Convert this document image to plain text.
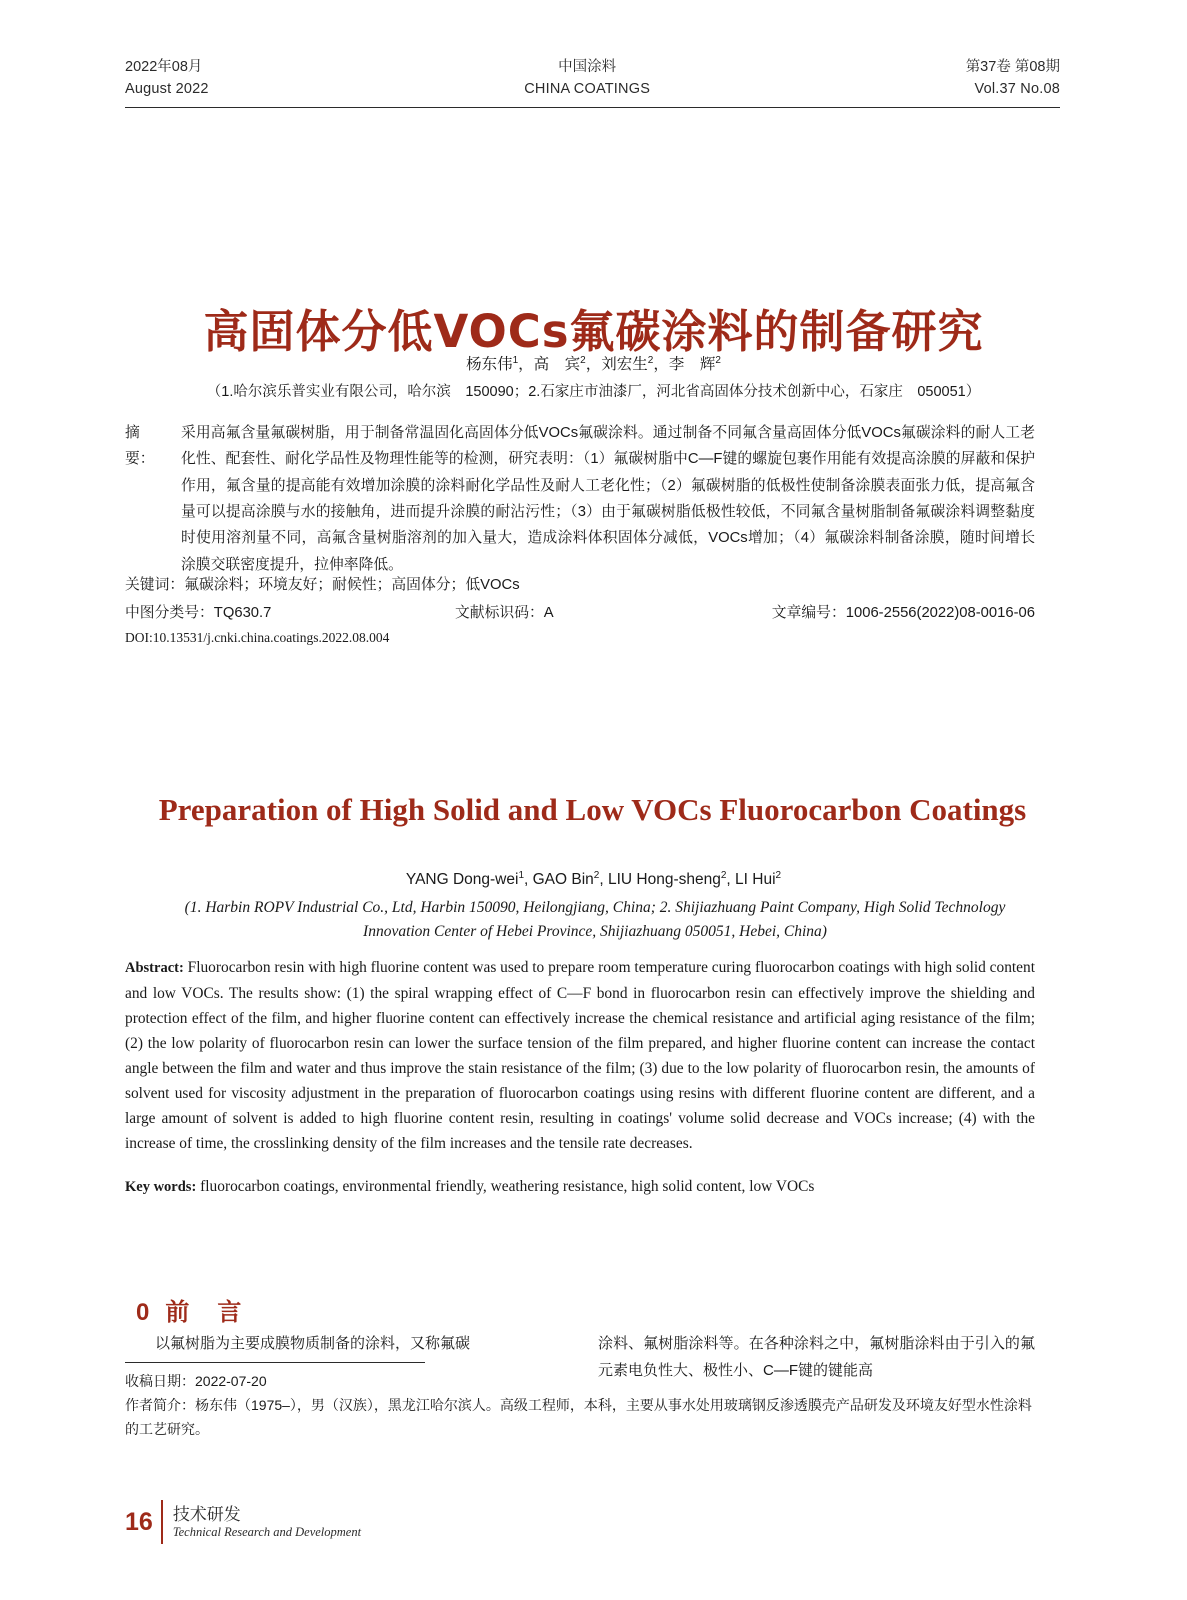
2022年08月
August 2022
中国涂料
CHINA COATINGS
第37卷 第08期
Vol.37 No.08
高固体分低VOCs氟碳涂料的制备研究
杨东伟$^1$，高　宾$^2$，刘宏生$^2$，李　辉$^2$
（1.哈尔滨乐普实业有限公司，哈尔滨　150090；2.石家庄市油漆厂，河北省高固体分技术创新中心，石家庄　050051）
摘　要：
采用高氟含量氟碳树脂，用于制备常温固化高固体分低VOCs氟碳涂料。通过制备不同氟含量高固体分低VOCs氟碳涂料的耐人工老化性、配套性、耐化学品性及物理性能等的检测，研究表明：（1）氟碳树脂中C—F键的螺旋包裹作用能有效提高涂膜的屏蔽和保护作用，氟含量的提高能有效增加涂膜的涂料耐化学品性及耐人工老化性；（2）氟碳树脂的低极性使制备涂膜表面张力低，提高氟含量可以提高涂膜与水的接触角，进而提升涂膜的耐沾污性；（3）由于氟碳树脂低极性较低，不同氟含量树脂制备氟碳涂料调整黏度时使用溶剂量不同，高氟含量树脂溶剂的加入量大，造成涂料体积固体分减低，VOCs增加；（4）氟碳涂料制备涂膜，随时间增长涂膜交联密度提升，拉伸率降低。
关键词：氟碳涂料；环境友好；耐候性；高固体分；低VOCs
中图分类号：TQ630.7	文献标识码：A	文章编号：1006-2556(2022)08-0016-06
DOI:10.13531/j.cnki.china.coatings.2022.08.004
Preparation of High Solid and Low VOCs Fluorocarbon Coatings
YANG Dong-wei$^1$, GAO Bin$^2$, LIU Hong-sheng$^2$, LI Hui$^2$
(1. Harbin ROPV Industrial Co., Ltd, Harbin 150090, Heilongjiang, China; 2. Shijiazhuang Paint Company, High Solid Technology Innovation Center of Hebei Province, Shijiazhuang 050051, Hebei, China)
Abstract: Fluorocarbon resin with high fluorine content was used to prepare room temperature curing fluorocarbon coatings with high solid content and low VOCs. The results show: (1) the spiral wrapping effect of C—F bond in fluorocarbon resin can effectively improve the shielding and protection effect of the film, and higher fluorine content can effectively increase the chemical resistance and artificial aging resistance of the film; (2) the low polarity of fluorocarbon resin can lower the surface tension of the film prepared, and higher fluorine content can increase the contact angle between the film and water and thus improve the stain resistance of the film; (3) due to the low polarity of fluorocarbon resin, the amounts of solvent used for viscosity adjustment in the preparation of fluorocarbon coatings using resins with different fluorine content are different, and a large amount of solvent is added to high fluorine content resin, resulting in coatings' volume solid decrease and VOCs increase; (4) with the increase of time, the crosslinking density of the film increases and the tensile rate decreases.
Key words: fluorocarbon coatings, environmental friendly, weathering resistance, high solid content, low VOCs
0 前　言

以氟树脂为主要成膜物质制备的涂料，又称氟碳	涂料、氟树脂涂料等。在各种涂料之中，氟树脂涂料由于引入的氟元素电负性大、极性小、C—F键的键能高

收稿日期：2022-07-20

作者简介：杨东伟（1975–），男（汉族），黑龙江哈尔滨人。高级工程师，本科，主要从事水处用玻璃钢反渗透膜壳产品研发及环境友好型水性涂料的工艺研究。

16 技术研发
Technical Research and Development
